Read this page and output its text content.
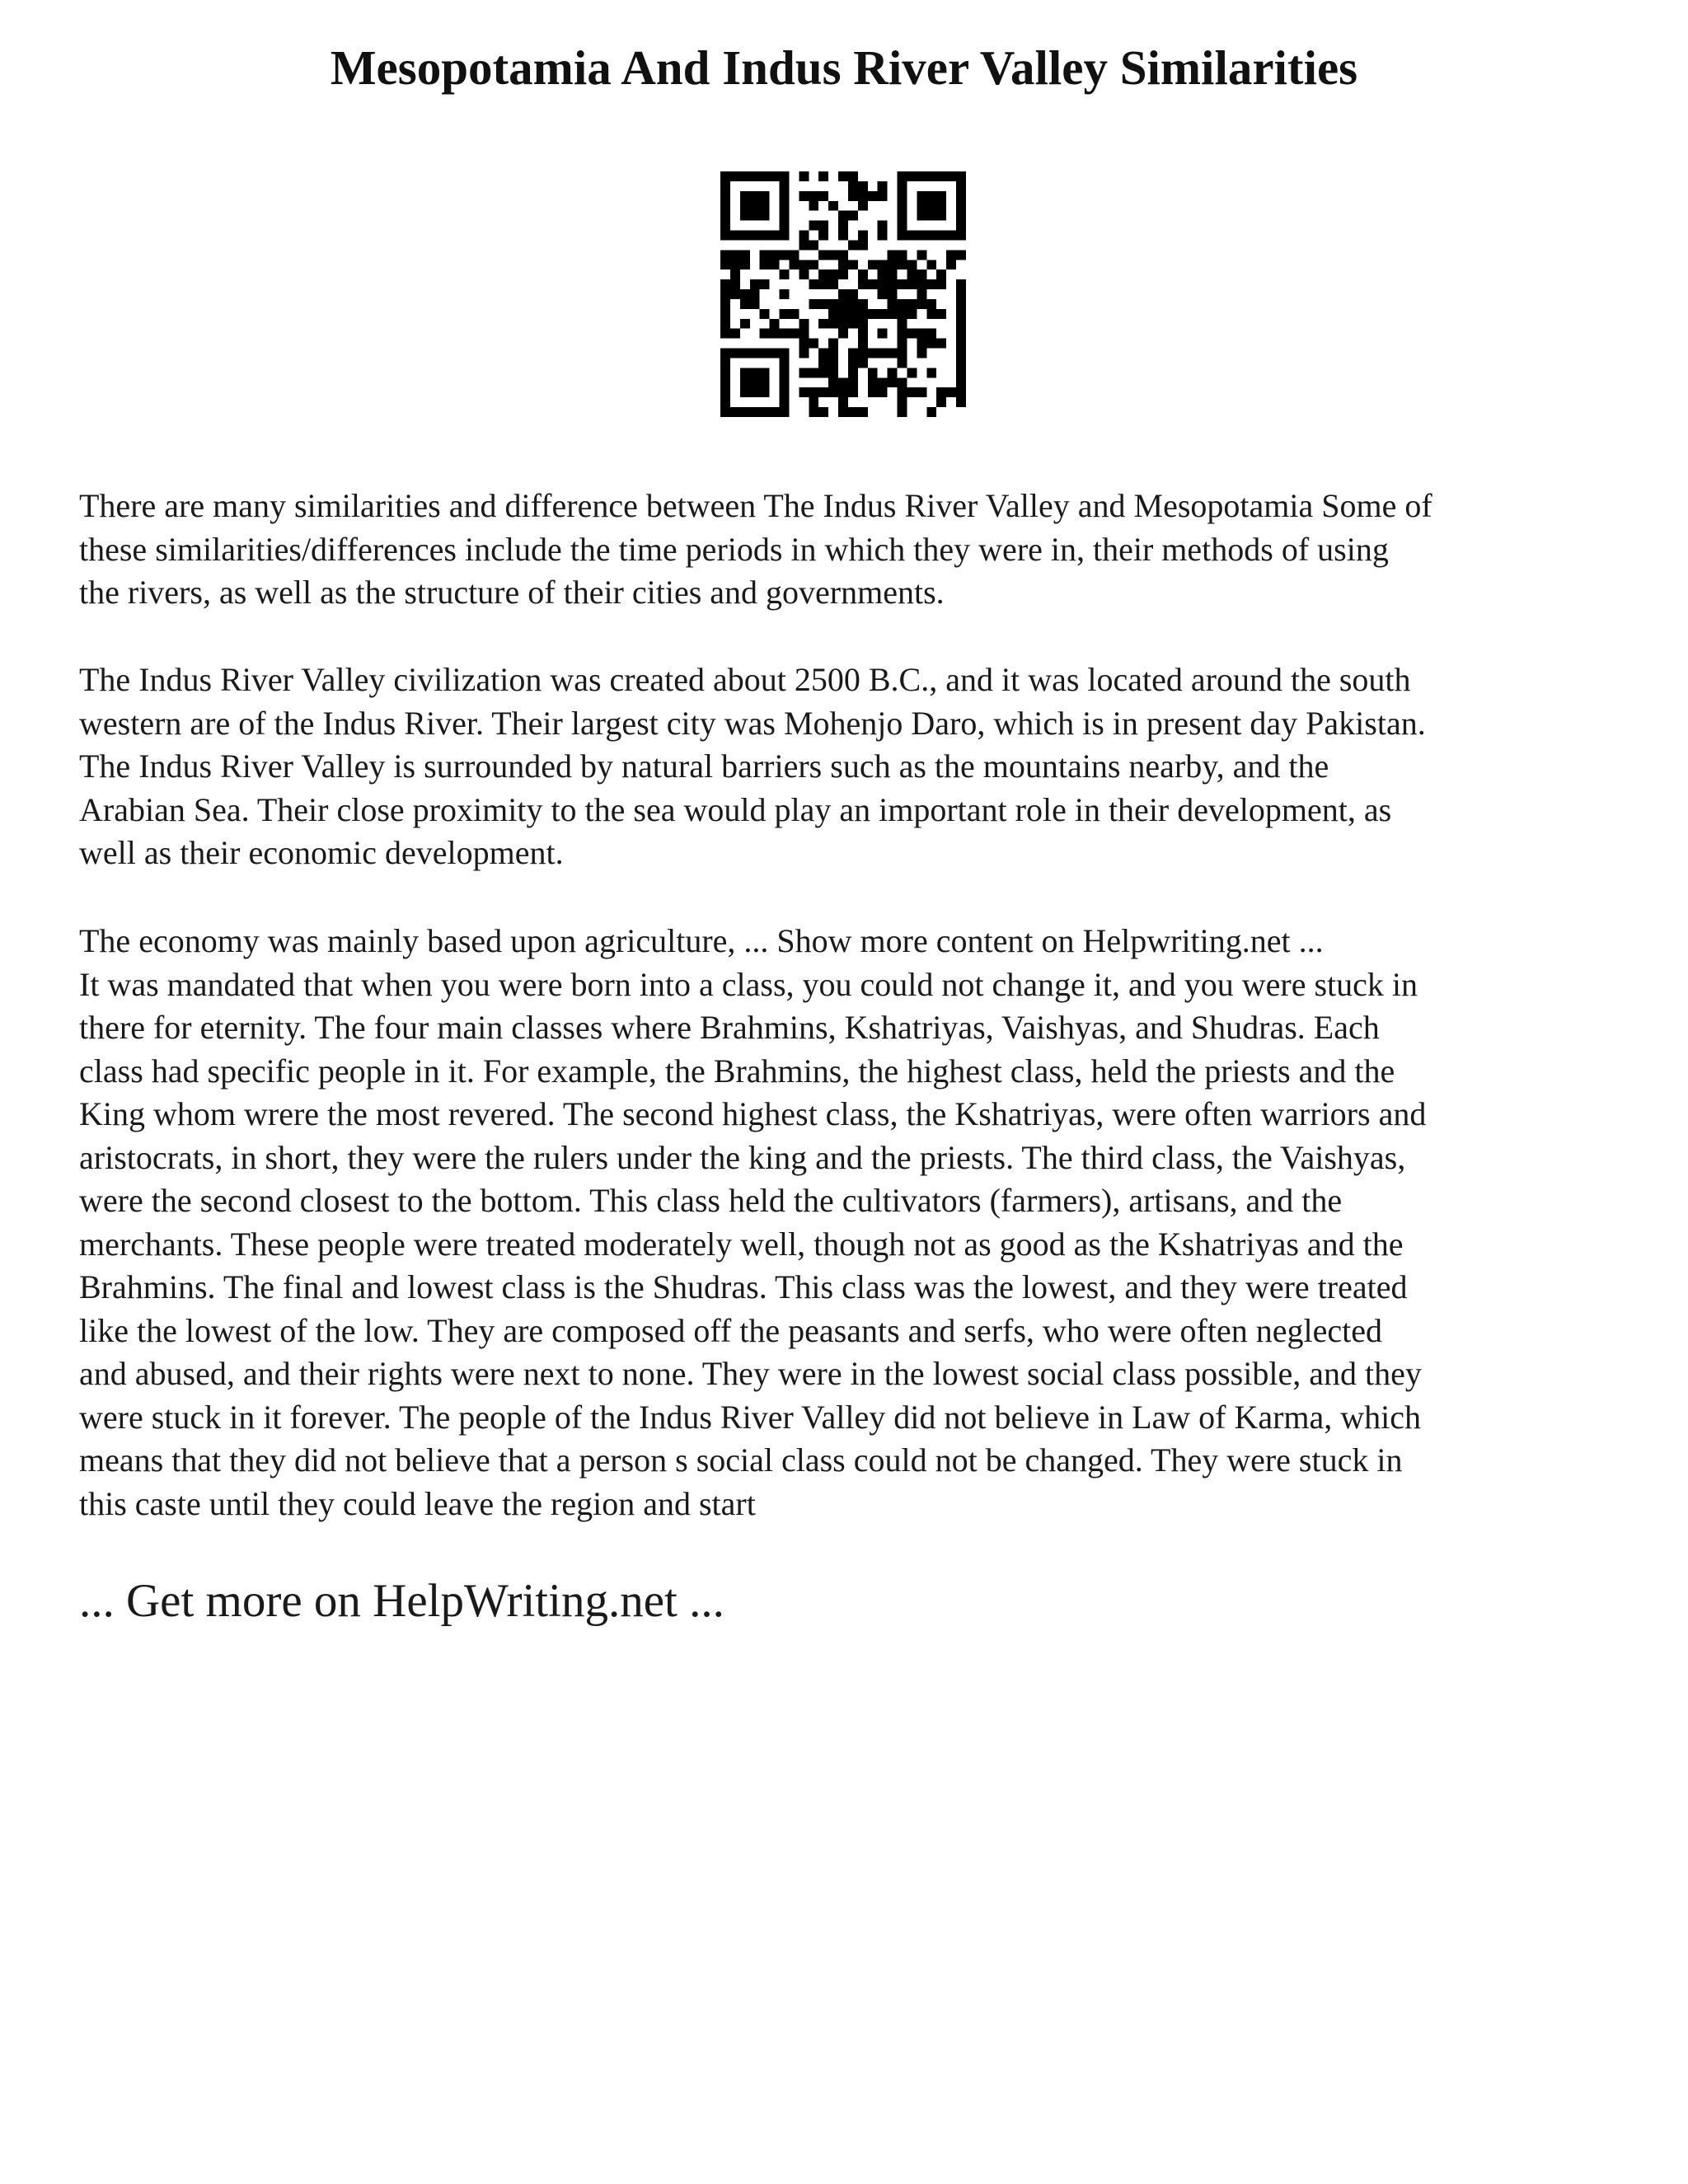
Mesopotamia And Indus River Valley Similarities

There are many similarities and difference between The Indus River Valley and Mesopotamia Some of
these similarities/differences include the time periods in which they were in, their methods of using
the rivers, as well as the structure of their cities and governments.

The Indus River Valley civilization was created about 2500 B.C., and it was located around the south
western are of the Indus River. Their largest city was Mohenjo Daro, which is in present day Pakistan.
The Indus River Valley is surrounded by natural barriers such as the mountains nearby, and the
Arabian Sea. Their close proximity to the sea would play an important role in their development, as
well as their economic development.

The economy was mainly based upon agriculture, ... Show more content on Helpwriting.net ...
It was mandated that when you were born into a class, you could not change it, and you were stuck in
there for eternity. The four main classes where Brahmins, Kshatriyas, Vaishyas, and Shudras. Each
class had specific people in it. For example, the Brahmins, the highest class, held the priests and the
King whom wrere the most revered. The second highest class, the Kshatriyas, were often warriors and
aristocrats, in short, they were the rulers under the king and the priests. The third class, the Vaishyas,
were the second closest to the bottom. This class held the cultivators (farmers), artisans, and the
merchants. These people were treated moderately well, though not as good as the Kshatriyas and the
Brahmins. The final and lowest class is the Shudras. This class was the lowest, and they were treated
like the lowest of the low. They are composed off the peasants and serfs, who were often neglected
and abused, and their rights were next to none. They were in the lowest social class possible, and they
were stuck in it forever. The people of the Indus River Valley did not believe in Law of Karma, which
means that they did not believe that a person s social class could not be changed. They were stuck in
this caste until they could leave the region and start

... Get more on HelpWriting.net ...
